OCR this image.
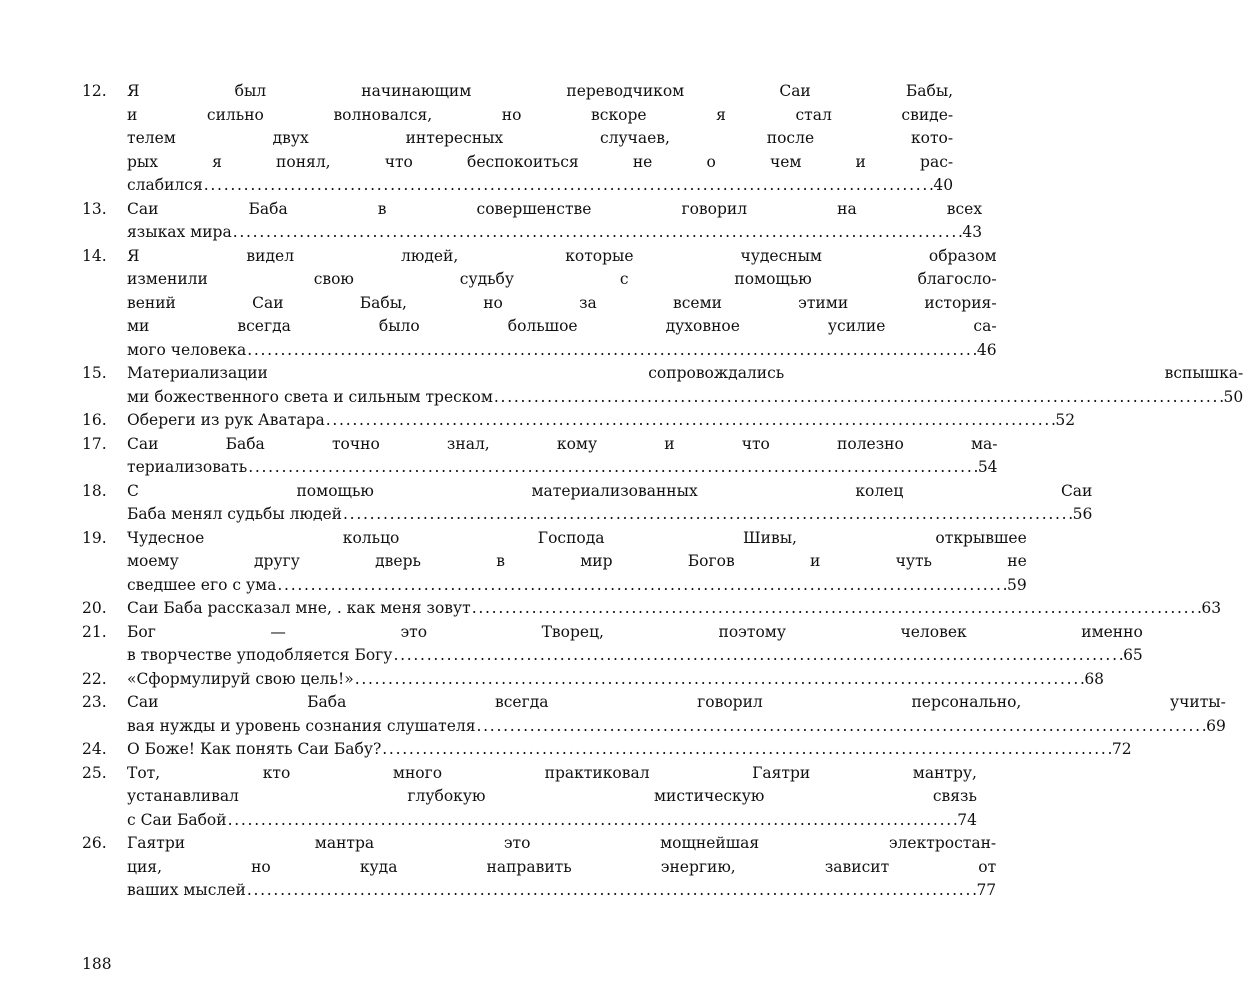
12.	Я был начинающим переводчиком Саи Бабы,
и сильно волновался, но вскоре я стал свиде-
телем двух интересных случаев, после кото-
рых я понял, что беспокоиться не о чем и рас-
слабился . . .	40
13.	Саи Баба в совершенстве говорил на всех
языках мира . . .	43
14.	Я видел людей, которые чудесным образом
изменили свою судьбу с помощью благосло-
вений Саи Бабы, но за всеми этими история-
ми всегда было большое духовное усилие са-
мого человека . . .	46
15.	Материализации сопровождались вспышка-
ми божественного света и сильным треском . . .	50
16.	Обереги из рук Аватара . . .	52
17.	Саи Баба точно знал, кому и что полезно ма-
териализовать . . .	54
18.	С помощью материализованных колец Саи
Баба менял судьбы людей . . .	56
19.	Чудесное кольцо Господа Шивы, открывшее
моему другу дверь в мир Богов и чуть не
сведшее его с ума . . .	59
20.	Саи Баба рассказал мне, . как меня зовут . . .	63
21.	Бог — это Творец, поэтому человек именно
в творчестве уподобляется Богу . . .	65
22.	«Сформулируй свою цель!» . . .	68
23.	Саи Баба всегда говорил персонально, учиты-
вая нужды и уровень сознания слушателя . . .	69
24.	О Боже! Как понять Саи Бабу? . . .	72
25.	Тот, кто много практиковал Гаятри мантру,
устанавливал глубокую мистическую связь
с Саи Бабой . . .	74
26.	Гаятри мантра это мощнейшая электростан-
ция, но куда направить энергию, зависит от
ваших мыслей . . .	77
188
